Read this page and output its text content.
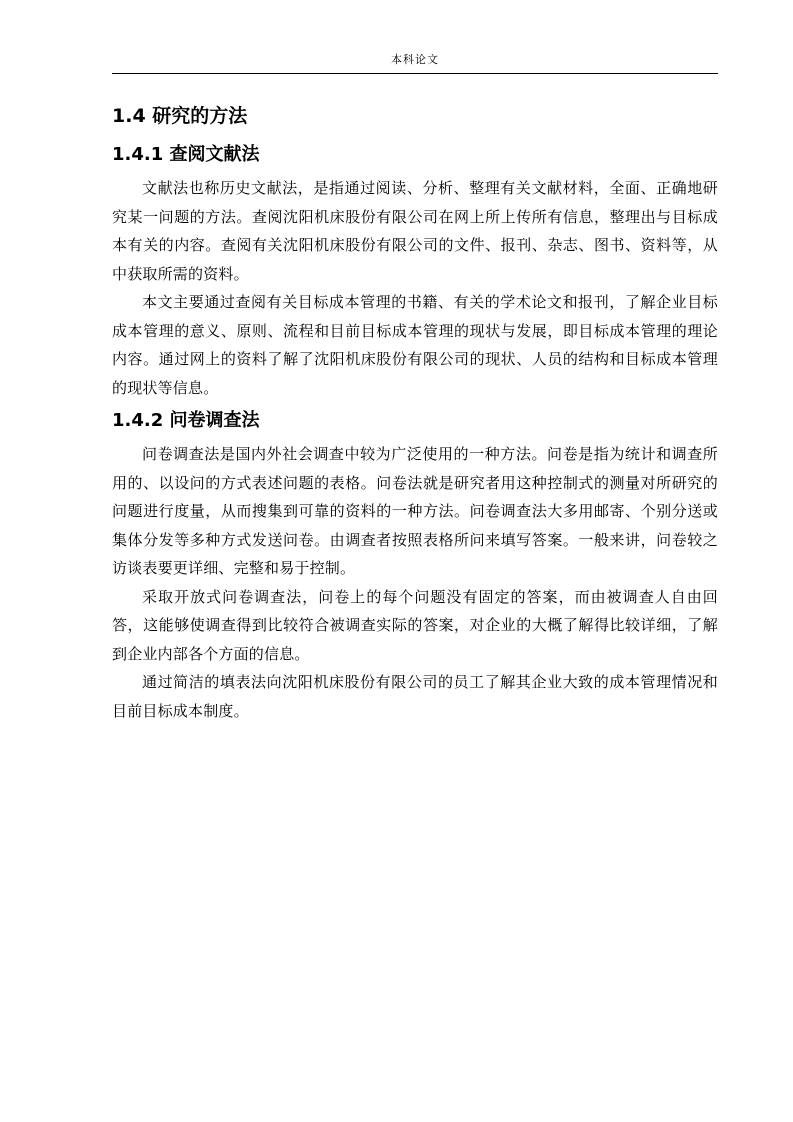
本科论文
1.4 研究的方法
1.4.1 查阅文献法

文献法也称历史文献法，是指通过阅读、分析、整理有关文献材料，全面、正确地研究某一问题的方法。查阅沈阳机床股份有限公司在网上所上传所有信息，整理出与目标成本有关的内容。查阅有关沈阳机床股份有限公司的文件、报刊、杂志、图书、资料等，从中获取所需的资料。

本文主要通过查阅有关目标成本管理的书籍、有关的学术论文和报刊，了解企业目标成本管理的意义、原则、流程和目前目标成本管理的现状与发展，即目标成本管理的理论内容。通过网上的资料了解了沈阳机床股份有限公司的现状、人员的结构和目标成本管理的现状等信息。

1.4.2 问卷调查法

问卷调查法是国内外社会调查中较为广泛使用的一种方法。问卷是指为统计和调查所用的、以设问的方式表述问题的表格。问卷法就是研究者用这种控制式的测量对所研究的问题进行度量，从而搜集到可靠的资料的一种方法。问卷调查法大多用邮寄、个别分送或集体分发等多种方式发送问卷。由调查者按照表格所问来填写答案。一般来讲，问卷较之访谈表要更详细、完整和易于控制。

采取开放式问卷调查法，问卷上的每个问题没有固定的答案，而由被调查人自由回答，这能够使调查得到比较符合被调查实际的答案，对企业的大概了解得比较详细，了解到企业内部各个方面的信息。

通过简洁的填表法向沈阳机床股份有限公司的员工了解其企业大致的成本管理情况和目前目标成本制度。
